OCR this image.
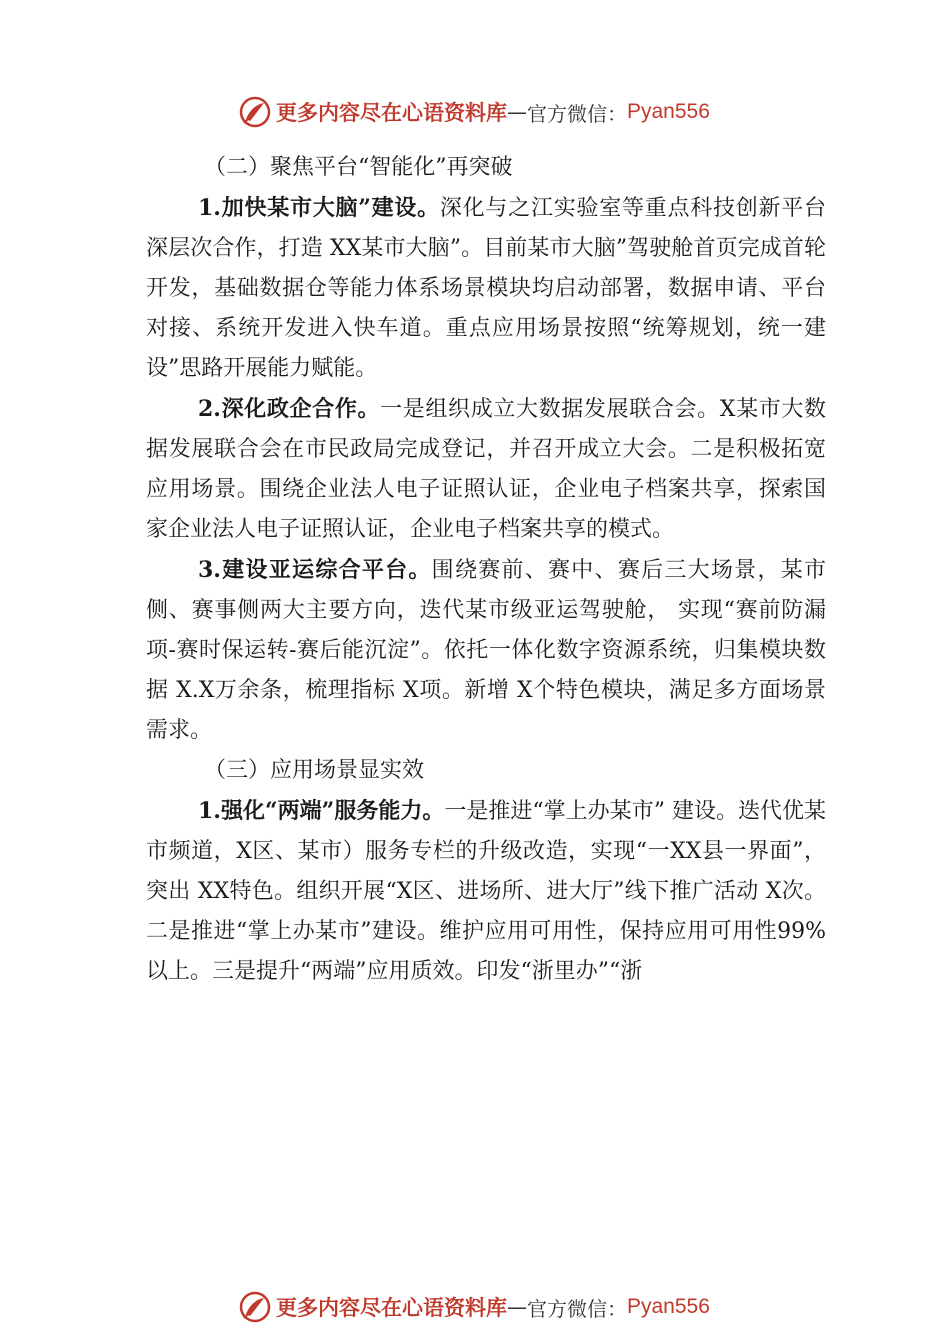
更多内容尽在心语资料库 — 官方微信： Pyan556

（二）聚焦平台“智能化”再突破

1.加快某市大脑”建设。深化与之江实验室等重点科技创新平台深层次合作，打造 XX某市大脑”。目前某市大脑”驾驶舱首页完成首轮开发，基础数据仓等能力体系场景模块均启动部署，数据申请、平台对接、系统开发进入快车道。重点应用场景按照“统筹规划，统一建设”思路开展能力赋能。

2.深化政企合作。一是组织成立大数据发展联合会。X某市大数据发展联合会在市民政局完成登记，并召开成立大会。二是积极拓宽应用场景。围绕企业法人电子证照认证，企业电子档案共享，探索国家企业法人电子证照认证，企业电子档案共享的模式。

3.建设亚运综合平台。围绕赛前、赛中、赛后三大场景，某市侧、赛事侧两大主要方向，迭代某市级亚运驾驶舱， 实现“赛前防漏项-赛时保运转-赛后能沉淀”。依托一体化数字资源系统，归集模块数据 X.X万余条，梳理指标 X项。新增 X个特色模块，满足多方面场景需求。

（三）应用场景显实效

1.强化“两端”服务能力。一是推进“掌上办某市” 建设。迭代优某市频道，X区、某市）服务专栏的升级改造，实现“一XX县一界面”，突出 XX特色。组织开展“X区、进场所、进大厅”线下推广活动 X次。二是推进“掌上办某市”建设。维护应用可用性，保持应用可用性99%以上。三是提升“两端”应用质效。印发“浙里办”“浙

更多内容尽在心语资料库 — 官方微信： Pyan556
